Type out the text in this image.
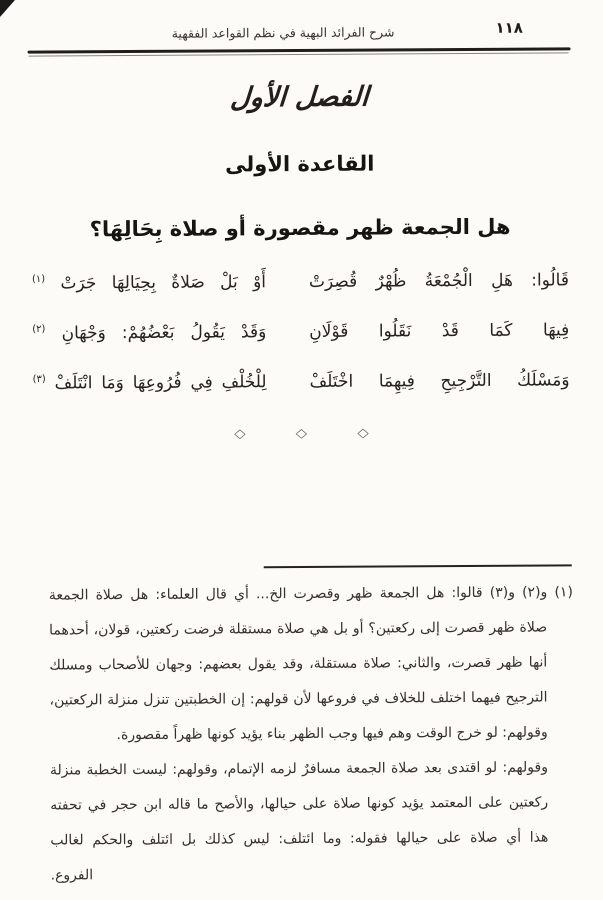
١١٨
شرح الفرائد البهية في نظم القواعد الفقهية
الفصل الأول
القاعدة الأولى
هل الجمعة ظهر مقصورة أو صلاة بِحَالِهَا؟
قَالُوا: هَلِ الْجُمْعَةُ ظُهْرٌ قُصِرَتْ
أَوْ بَلْ صَلاةٌ بِحِيَالِهَا جَرَتْ $^{(١)}$
فِيهَا كَمَا قَدْ نَقَلُوا قَوْلَانِ
وَقَدْ يَقُولُ بَعْضُهُمْ: وَجْهَانِ $^{(٢)}$
وَمَسْلَكُ التَّرْجِيحِ فِيهِمَا اخْتَلَفْ
لِلْخُلْفِ فِي فُرُوعِهَا وَمَا انْتَلَفْ $^{(٣)}$
◇
◇
◇
(١) و(٢) و(٣) قالوا: هل الجمعة ظهر وقصرت الخ... أي قال العلماء: هل صلاة الجمعة
صلاة ظهر قصرت إلى ركعتين؟ أو بل هي صلاة مستقلة فرضت ركعتين، قولان، أحدهما
أنها ظهر قصرت، والثاني: صلاة مستقلة، وقد يقول بعضهم: وجهان للأصحاب ومسلك
الترجيح فيهما اختلف للخلاف في فروعها لأن قولهم: إن الخطبتين تنزل منزلة الركعتين،
وقولهم: لو خرج الوقت وهم فيها وجب الظهر بناء يؤيد كونها ظهراً مقصورة.
وقولهم: لو اقتدى بعد صلاة الجمعة مسافرٌ لزمه الإتمام، وقولهم: ليست الخطبة منزلة
ركعتين على المعتمد يؤيد كونها صلاة على حيالها، والأصح ما قاله ابن حجر في تحفته
هذا أي صلاة على حيالها فقوله: وما ائتلف: ليس كذلك بل ائتلف والحكم لغالب
الفروع.
